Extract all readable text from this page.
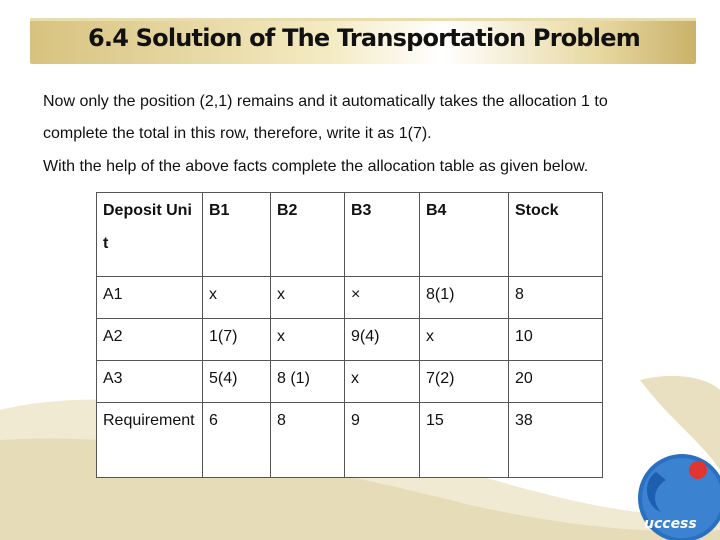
6.4 Solution of The Transportation Problem
Now only the position (2,1) remains and it automatically takes the allocation 1 to
complete the total in this row, therefore, write it as 1(7).
With the help of the above facts complete the allocation table as given below.
Deposit Unit	B1	B2	B3	B4	Stock
A1	x	x	×	8(1)	8
A2	1(7)	x	9(4)	x	10
A3	5(4)	8 (1)	x	7(2)	20

Requirement	6	8	9	15	38
uccess
